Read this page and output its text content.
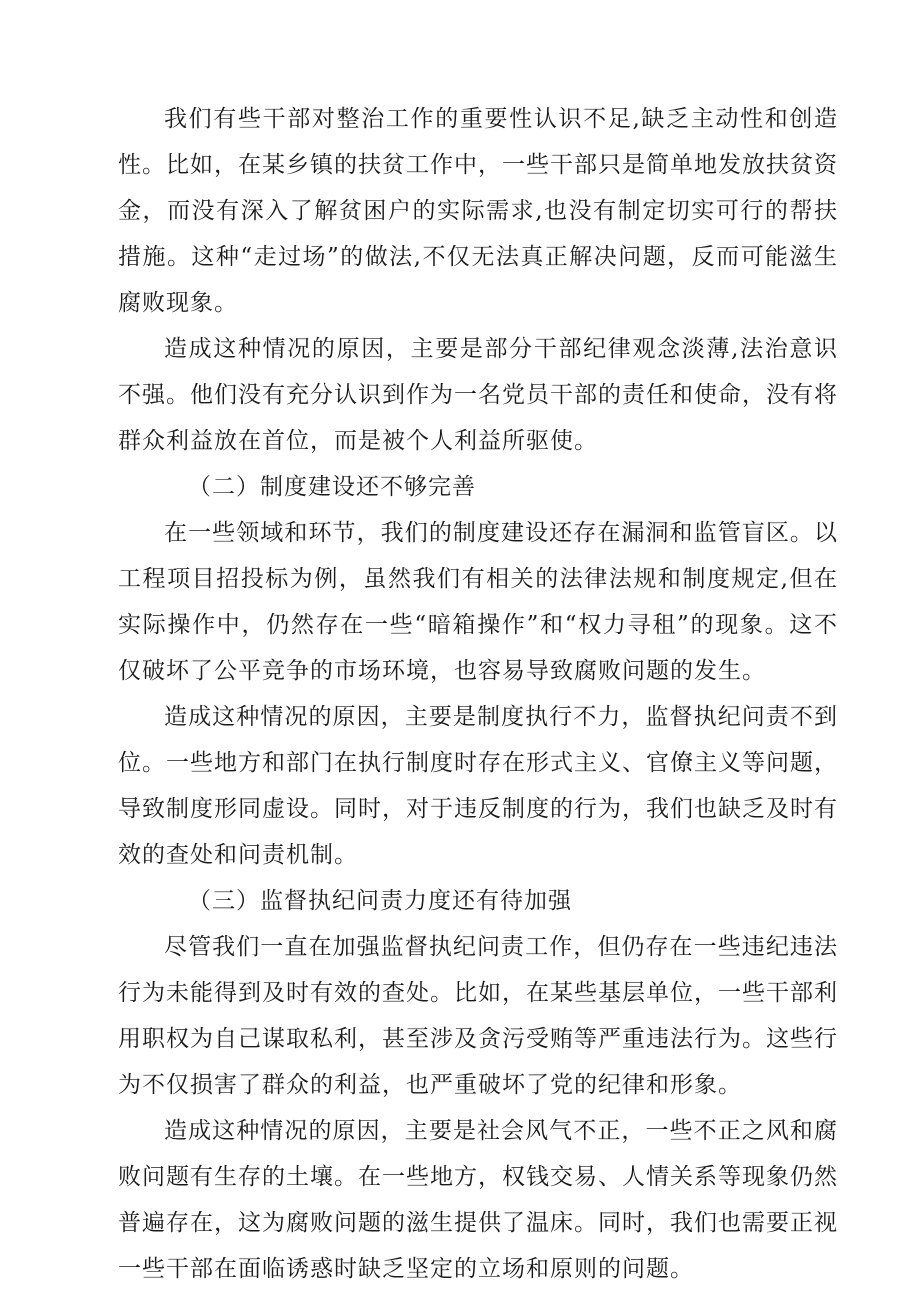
我们有些干部对整治工作的重要性认识不足,缺乏主动性和创造性。比如，在某乡镇的扶贫工作中，一些干部只是简单地发放扶贫资金，而没有深入了解贫困户的实际需求,也没有制定切实可行的帮扶措施。这种“走过场”的做法,不仅无法真正解决问题，反而可能滋生腐败现象。

造成这种情况的原因，主要是部分干部纪律观念淡薄,法治意识不强。他们没有充分认识到作为一名党员干部的责任和使命，没有将群众利益放在首位，而是被个人利益所驱使。

（二）制度建设还不够完善

在一些领域和环节，我们的制度建设还存在漏洞和监管盲区。以工程项目招投标为例，虽然我们有相关的法律法规和制度规定,但在实际操作中，仍然存在一些“暗箱操作”和“权力寻租”的现象。这不仅破坏了公平竞争的市场环境，也容易导致腐败问题的发生。

造成这种情况的原因，主要是制度执行不力，监督执纪问责不到位。一些地方和部门在执行制度时存在形式主义、官僚主义等问题，导致制度形同虚设。同时，对于违反制度的行为，我们也缺乏及时有效的查处和问责机制。

（三）监督执纪问责力度还有待加强

尽管我们一直在加强监督执纪问责工作，但仍存在一些违纪违法行为未能得到及时有效的查处。比如，在某些基层单位，一些干部利用职权为自己谋取私利，甚至涉及贪污受贿等严重违法行为。这些行为不仅损害了群众的利益，也严重破坏了党的纪律和形象。

造成这种情况的原因，主要是社会风气不正，一些不正之风和腐败问题有生存的土壤。在一些地方，权钱交易、人情关系等现象仍然普遍存在，这为腐败问题的滋生提供了温床。同时，我们也需要正视一些干部在面临诱惑时缺乏坚定的立场和原则的问题。
